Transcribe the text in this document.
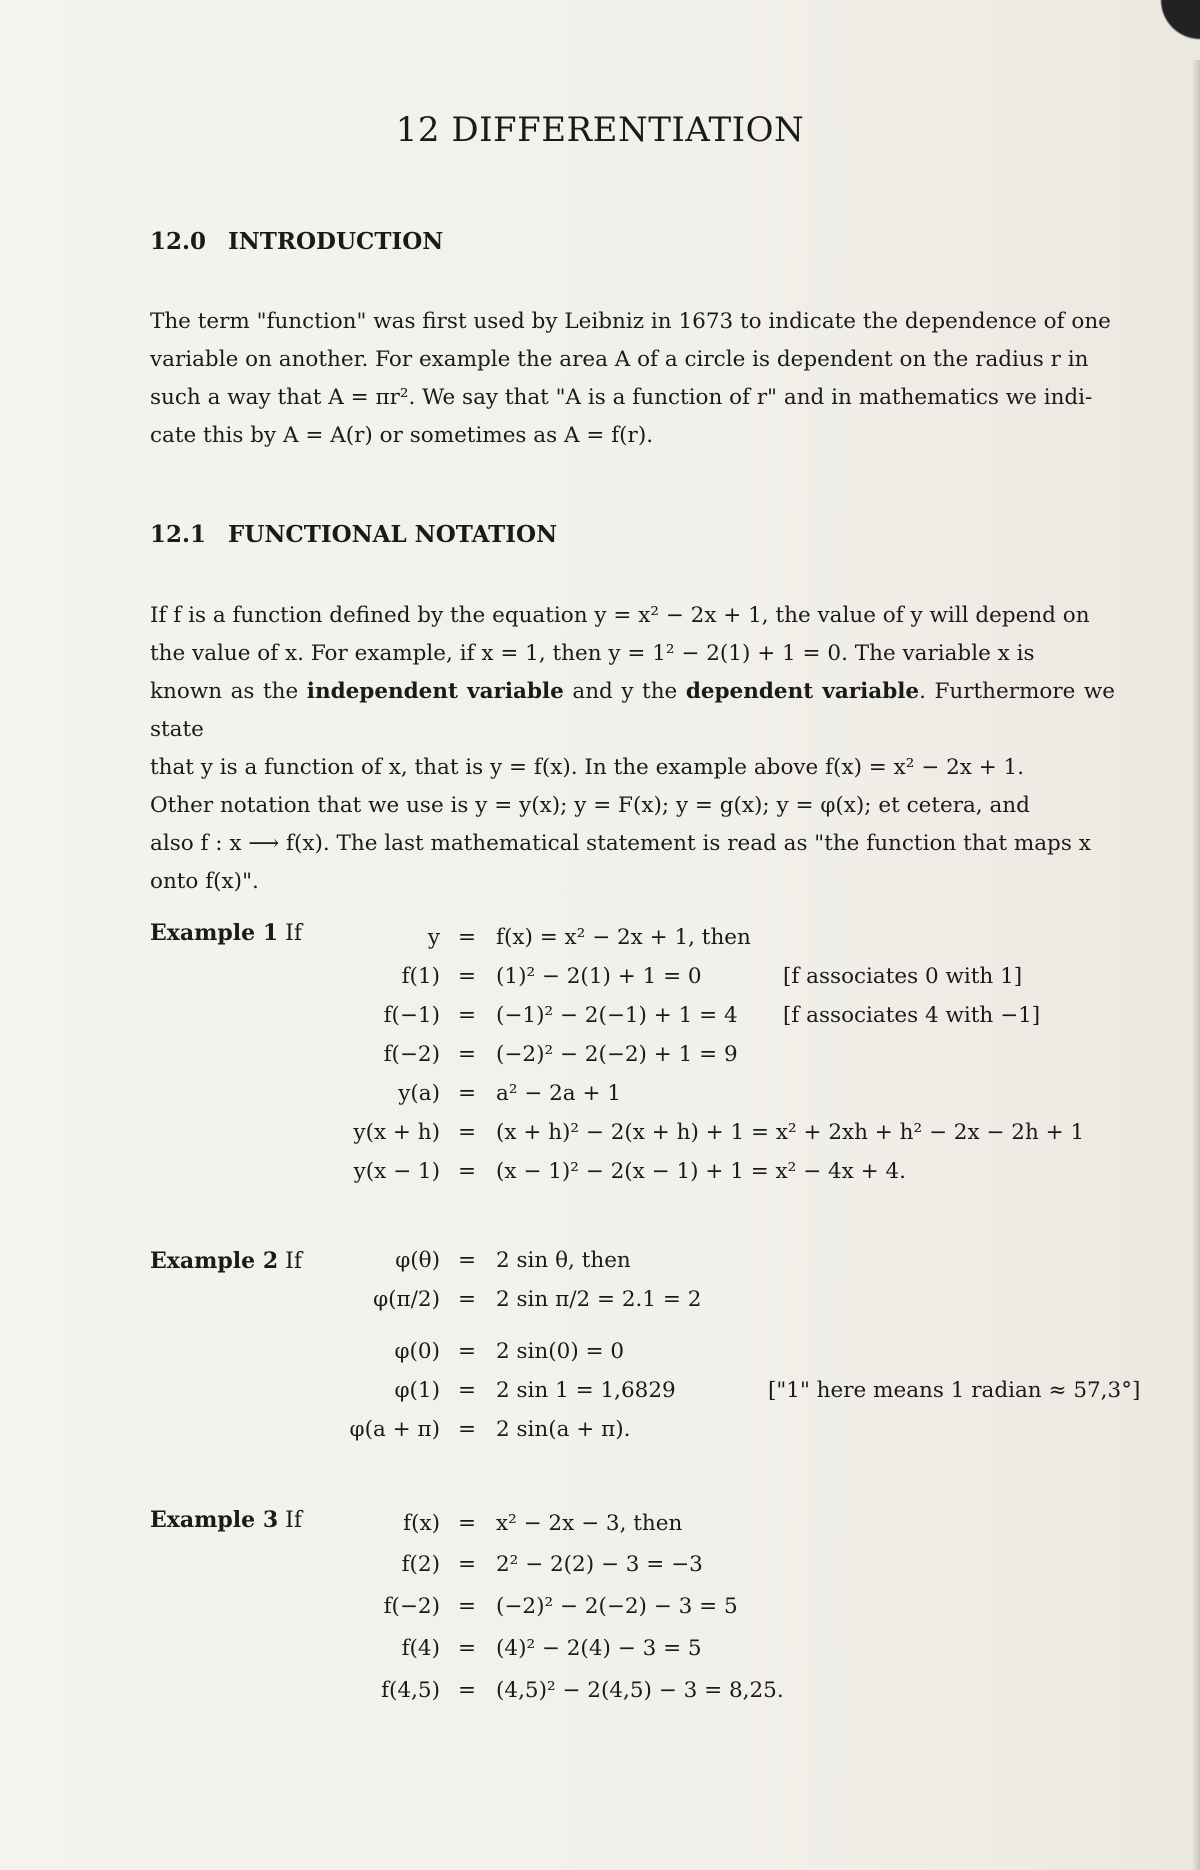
12 DIFFERENTIATION
12.0 INTRODUCTION
The term "function" was first used by Leibniz in 1673 to indicate the dependence of one
variable on another. For example the area A of a circle is dependent on the radius r in
such a way that A = πr². We say that "A is a function of r" and in mathematics we indi-
cate this by A = A(r) or sometimes as A = f(r).
12.1 FUNCTIONAL NOTATION
If f is a function defined by the equation y = x² − 2x + 1, the value of y will depend on
the value of x. For example, if x = 1, then y = 1² − 2(1) + 1 = 0. The variable x is
known as the independent variable and y the dependent variable. Furthermore we state
that y is a function of x, that is y = f(x). In the example above f(x) = x² − 2x + 1.
Other notation that we use is y = y(x); y = F(x); y = g(x); y = φ(x); et cetera, and
also f : x ⟶ f(x). The last mathematical statement is read as "the function that maps x
onto f(x)".
Example 1 If	y = f(x) = x² − 2x + 1, then
f(1) = (1)² − 2(1) + 1 = 0	[f associates 0 with 1]
f(−1) = (−1)² − 2(−1) + 1 = 4 [f associates 4 with −1]
f(−2) = (−2)² − 2(−2) + 1 = 9
y(a) = a² − 2a + 1
y(x + h) = (x + h)² − 2(x + h) + 1 = x² + 2xh + h² − 2x − 2h + 1
y(x − 1) = (x − 1)² − 2(x − 1) + 1 = x² − 4x + 4.
Example 2 If	φ(θ) = 2 sin θ, then
φ(π/2) = 2 sin π/2 = 2.1 = 2
φ(0) = 2 sin(0) = 0
φ(1) = 2 sin 1 = 1,6829	["1" here means 1 radian ≈ 57,3°]
φ(a + π) = 2 sin(a + π).
Example 3 If	f(x) = x² − 2x − 3, then
f(2) = 2² − 2(2) − 3 = −3
f(−2) = (−2)² − 2(−2) − 3 = 5
f(4) = (4)² − 2(4) − 3 = 5
f(4,5) = (4,5)² − 2(4,5) − 3 = 8,25.
